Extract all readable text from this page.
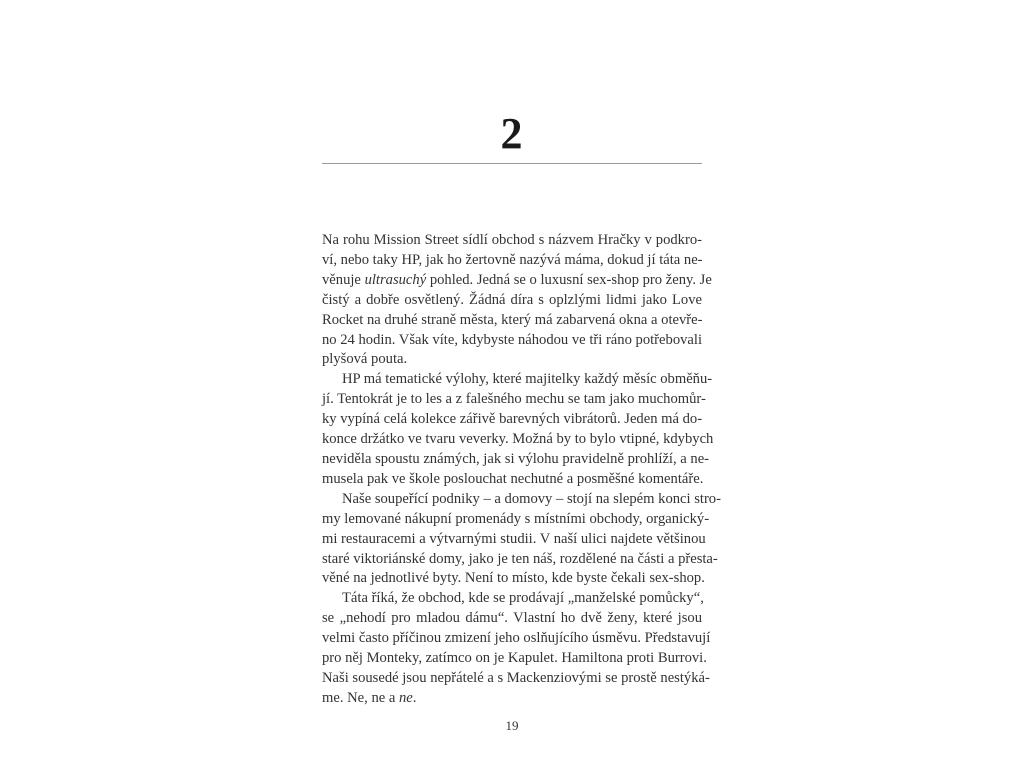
2
Na rohu Mission Street sídlí obchod s názvem Hračky v podkro-
ví, nebo taky HP, jak ho žertovně nazývá máma, dokud jí táta ne-
věnuje ultrasuchý pohled. Jedná se o luxusní sex-shop pro ženy. Je
čistý a dobře osvětlený. Žádná díra s oplzlými lidmi jako Love
Rocket na druhé straně města, který má zabarvená okna a otevře-
no 24 hodin. Však víte, kdybyste náhodou ve tři ráno potřebovali
plyšová pouta.
HP má tematické výlohy, které majitelky každý měsíc obměňu-
jí. Tentokrát je to les a z falešného mechu se tam jako muchomůr-
ky vypíná celá kolekce zářivě barevných vibrátorů. Jeden má do-
konce držátko ve tvaru veverky. Možná by to bylo vtipné, kdybych
neviděla spoustu známých, jak si výlohu pravidelně prohlíží, a ne-
musela pak ve škole poslouchat nechutné a posměšné komentáře.
Naše soupeřící podniky – a domovy – stojí na slepém konci stro-
my lemované nákupní promenády s místními obchody, organický-
mi restauracemi a výtvarnými studii. V naší ulici najdete většinou
staré viktoriánské domy, jako je ten náš, rozdělené na části a přesta-
věné na jednotlivé byty. Není to místo, kde byste čekali sex-shop.
Táta říká, že obchod, kde se prodávají „manželské pomůcky“,
se „nehodí pro mladou dámu“. Vlastní ho dvě ženy, které jsou
velmi často příčinou zmizení jeho oslňujícího úsměvu. Představují
pro něj Monteky, zatímco on je Kapulet. Hamiltona proti Burrovi.
Naši sousedé jsou nepřátelé a s Mackenziovými se prostě nestýká-
me. Ne, ne a ne.
19
